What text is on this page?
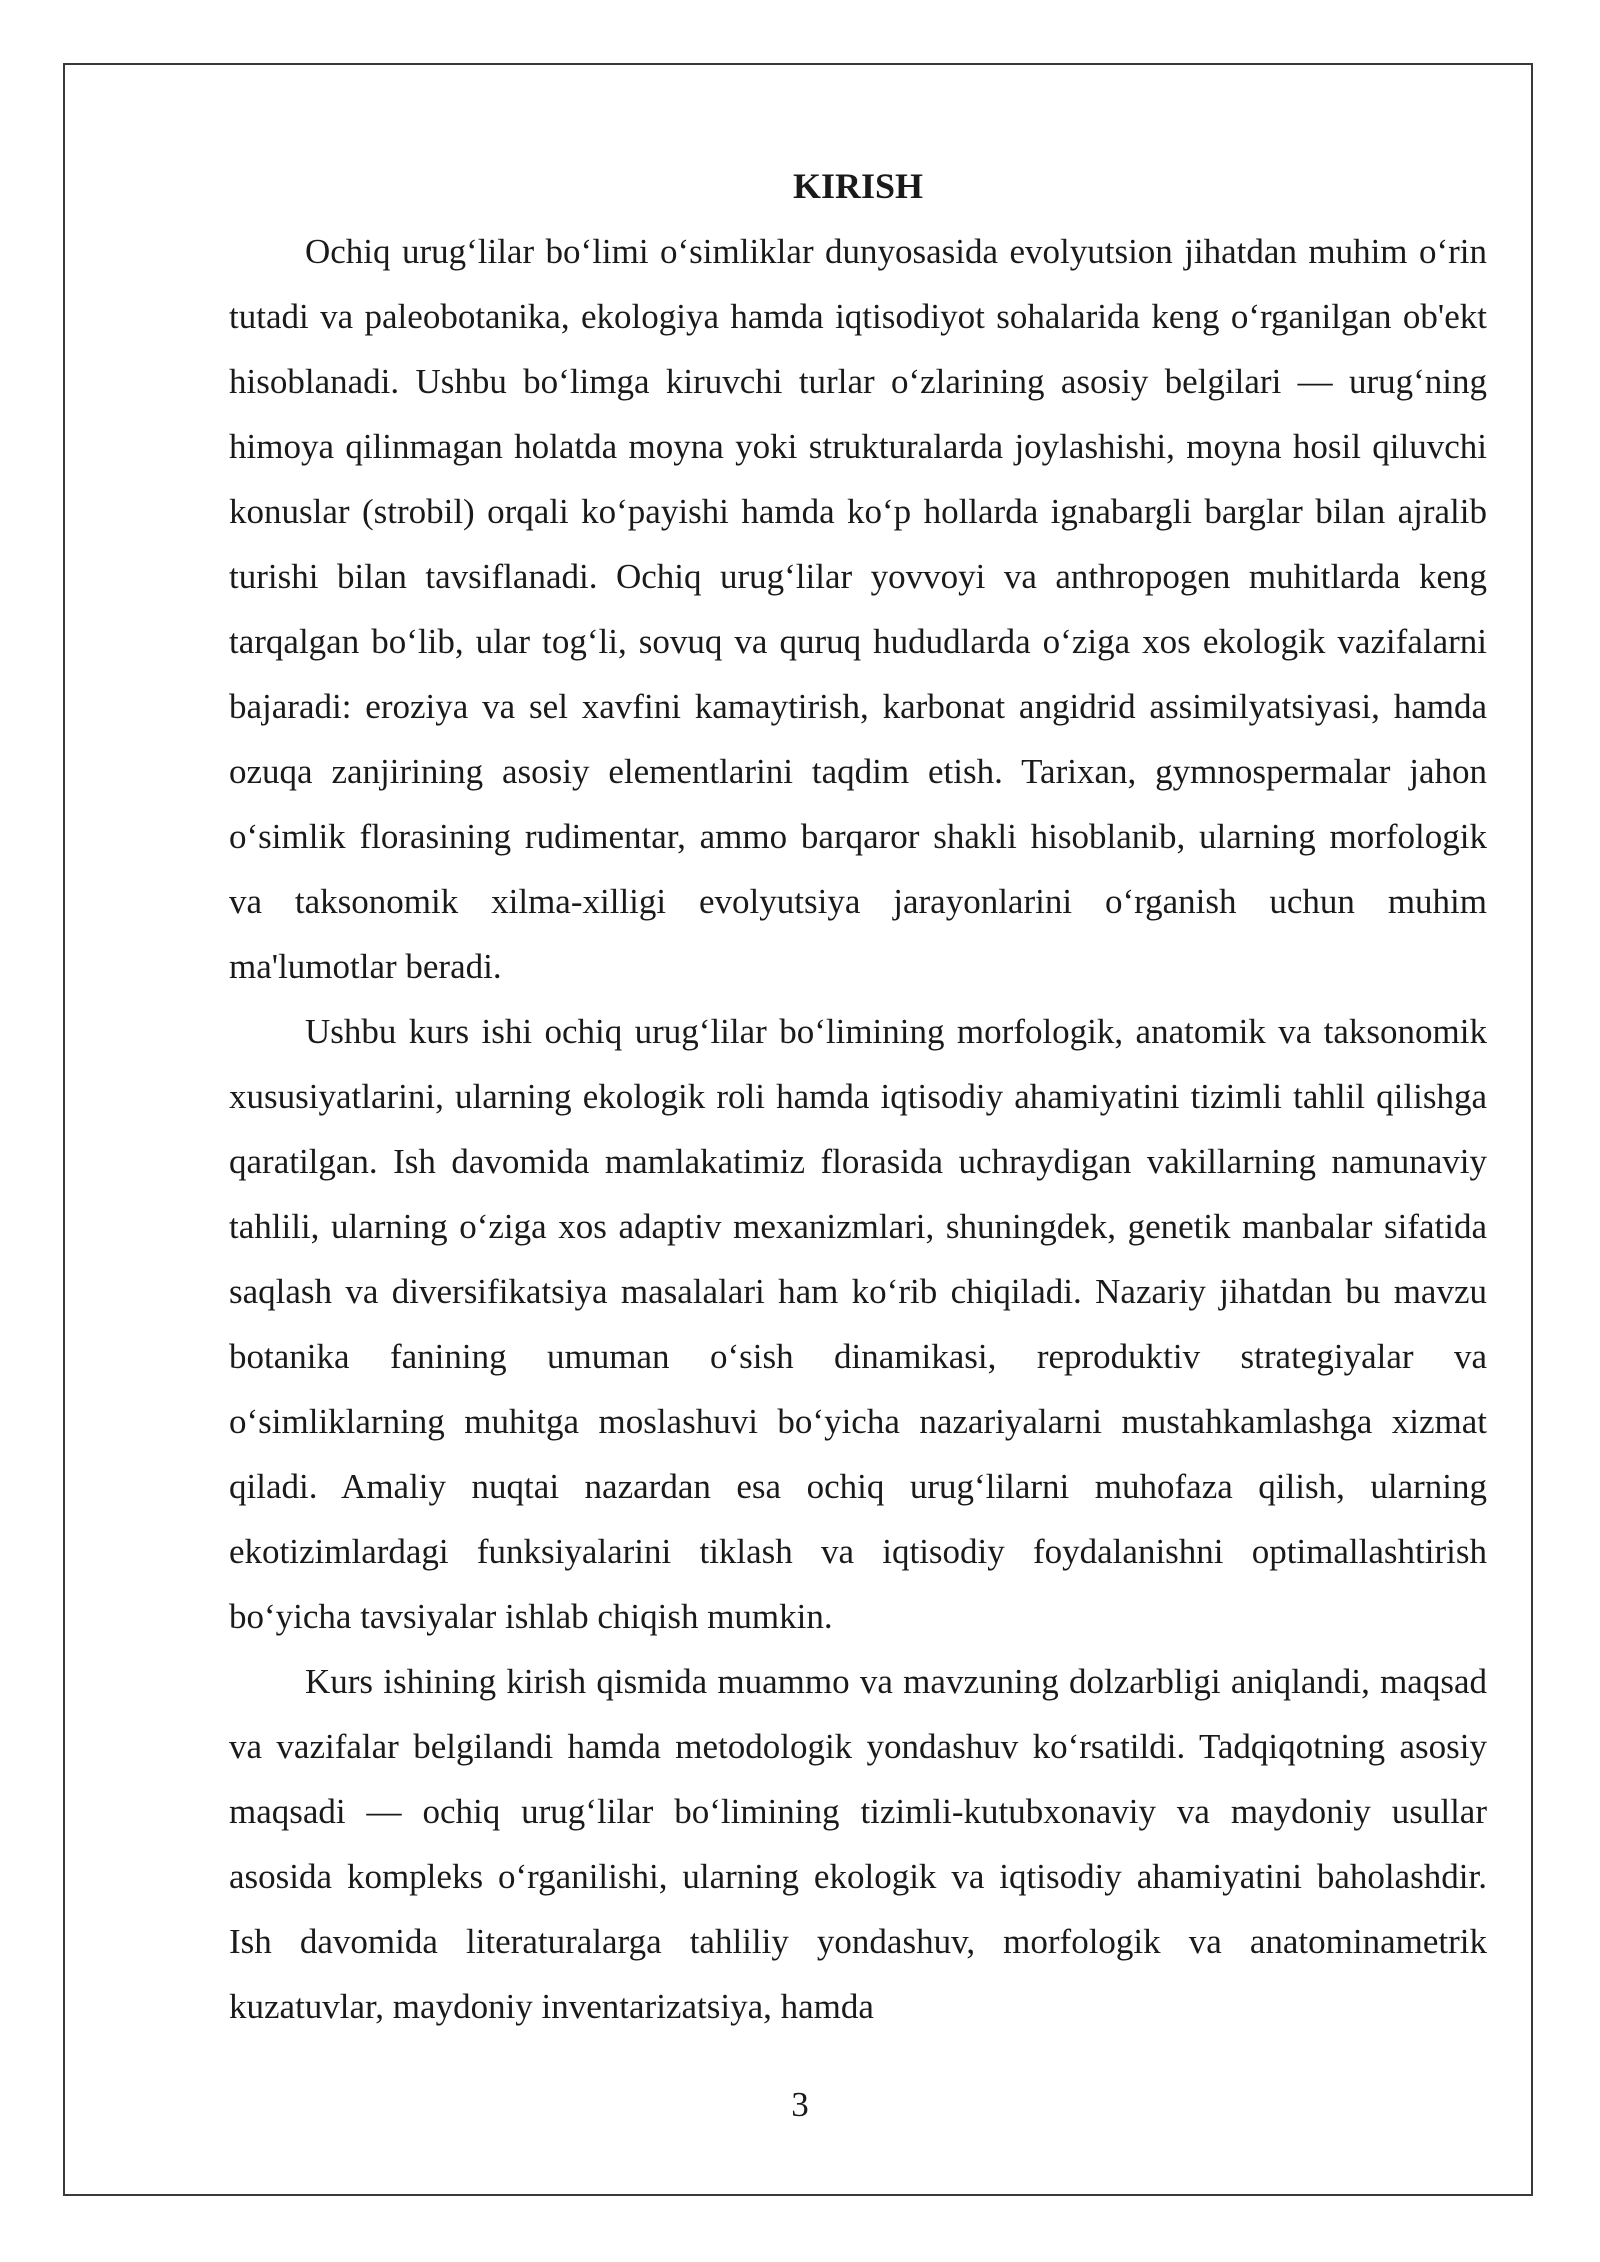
KIRISH

Ochiq urug‘lilar bo‘limi o‘simliklar dunyosasida evolyutsion jihatdan muhim o‘rin tutadi va paleobotanika, ekologiya hamda iqtisodiyot sohalarida keng o‘rganilgan ob'ekt hisoblanadi. Ushbu bo‘limga kiruvchi turlar o‘zlarining asosiy belgilari — urug‘ning himoya qilinmagan holatda moyna yoki strukturalarda joylashishi, moyna hosil qiluvchi konuslar (strobil) orqali ko‘payishi hamda ko‘p hollarda ignabargli barglar bilan ajralib turishi bilan tavsiflanadi. Ochiq urug‘lilar yovvoyi va anthropogen muhitlarda keng tarqalgan bo‘lib, ular tog‘li, sovuq va quruq hududlarda o‘ziga xos ekologik vazifalarni bajaradi: eroziya va sel xavfini kamaytirish, karbonat angidrid assimilyatsiyasi, hamda ozuqa zanjirining asosiy elementlarini taqdim etish. Tarixan, gymnospermalar jahon o‘simlik florasining rudimentar, ammo barqaror shakli hisoblanib, ularning morfologik va taksonomik xilma-xilligi evolyutsiya jarayonlarini o‘rganish uchun muhim ma'lumotlar beradi.

Ushbu kurs ishi ochiq urug‘lilar bo‘limining morfologik, anatomik va taksonomik xususiyatlarini, ularning ekologik roli hamda iqtisodiy ahamiyatini tizimli tahlil qilishga qaratilgan. Ish davomida mamlakatimiz florasida uchraydigan vakillarning namunaviy tahlili, ularning o‘ziga xos adaptiv mexanizmlari, shuningdek, genetik manbalar sifatida saqlash va diversifikatsiya masalalari ham ko‘rib chiqiladi. Nazariy jihatdan bu mavzu botanika fanining umuman o‘sish dinamikasi, reproduktiv strategiyalar va o‘simliklarning muhitga moslashuvi bo‘yicha nazariyalarni mustahkamlashga xizmat qiladi. Amaliy nuqtai nazardan esa ochiq urug‘lilarni muhofaza qilish, ularning ekotizimlardagi funksiyalarini tiklash va iqtisodiy foydalanishni optimallashtirish bo‘yicha tavsiyalar ishlab chiqish mumkin.

Kurs ishining kirish qismida muammo va mavzuning dolzarbligi aniqlandi, maqsad va vazifalar belgilandi hamda metodologik yondashuv ko‘rsatildi. Tadqiqotning asosiy maqsadi — ochiq urug‘lilar bo‘limining tizimli-kutubxonaviy va maydoniy usullar asosida kompleks o‘rganilishi, ularning ekologik va iqtisodiy ahamiyatini baholashdir. Ish davomida literaturalarga tahliliy yondashuv, morfologik va anatominametrik kuzatuvlar, maydoniy inventarizatsiya, hamda

3
